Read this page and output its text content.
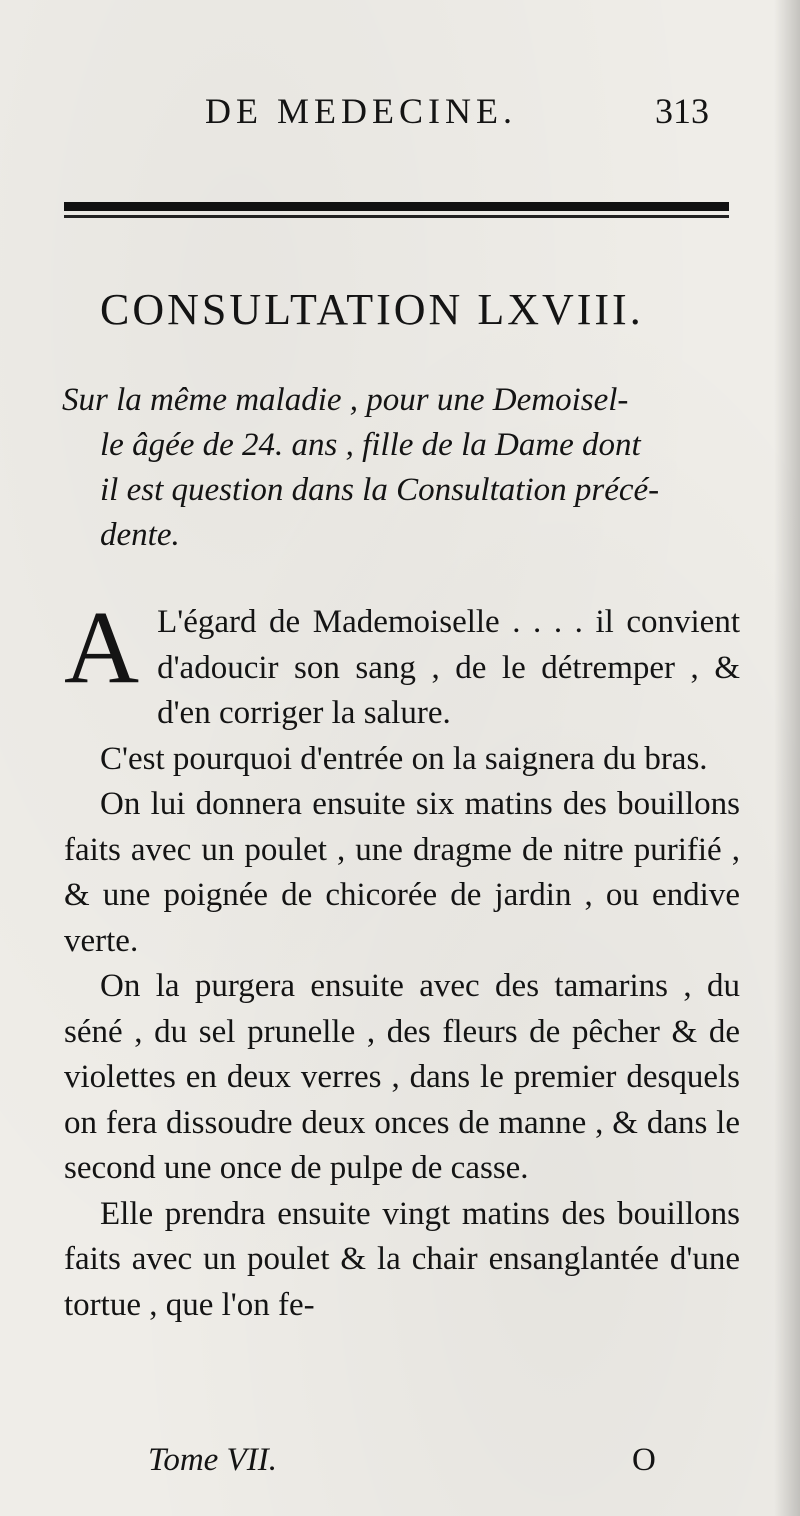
DE MEDECINE.	313
CONSULTATION LXVIII.
Sur la même maladie , pour une Demoisel-
le âgée de 24. ans , fille de la Dame dont
il est question dans la Consultation précé-
dente.

A L'égard de Mademoiselle . . . . il convient d'adoucir son sang , de le détremper , & d'en corriger la salure.

C'est pourquoi d'entrée on la saignera du bras.

On lui donnera ensuite six matins des bouillons faits avec un poulet , une dragme de nitre purifié , & une poignée de chicorée de jardin , ou endive verte.

On la purgera ensuite avec des tamarins , du séné , du sel prunelle , des fleurs de pêcher & de violettes en deux verres , dans le premier desquels on fera dissoudre deux onces de manne , & dans le second une once de pulpe de casse.

Elle prendra ensuite vingt matins des bouillons faits avec un poulet & la chair ensanglantée d'une tortue , que l'on fe-

Tome VII.	O
